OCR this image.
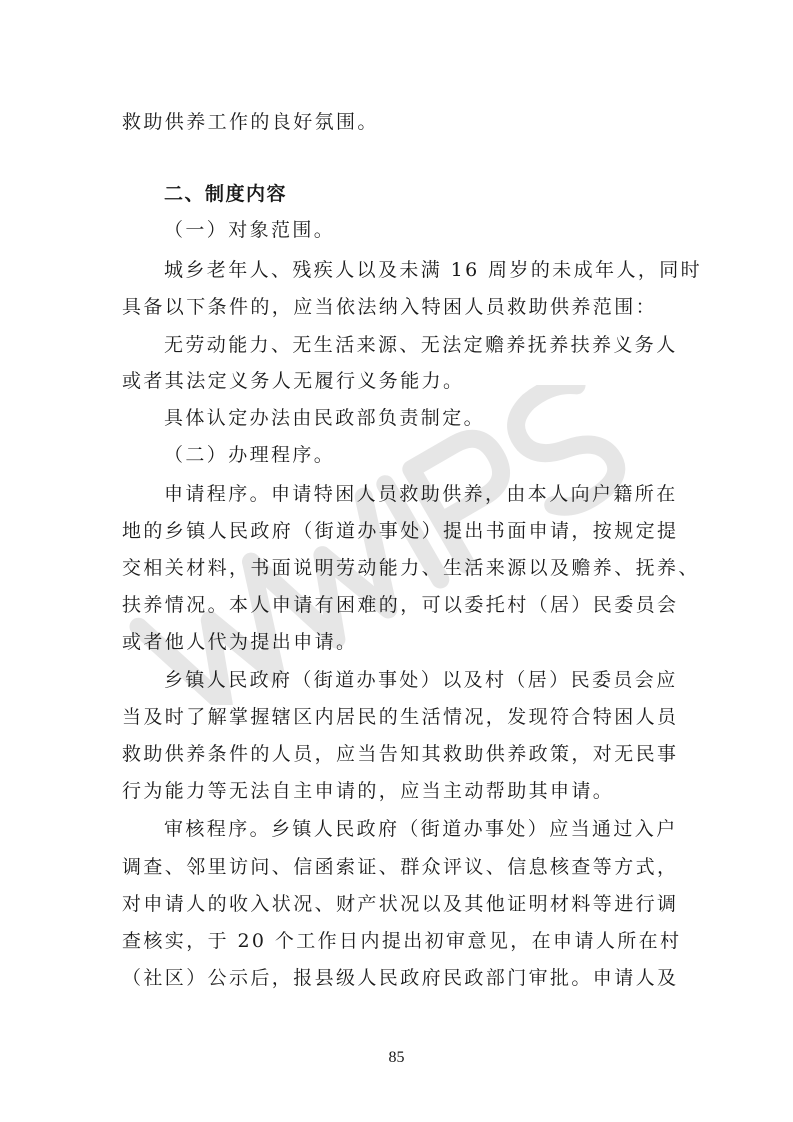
救助供养工作的良好氛围。
二、制度内容
（一）对象范围。
城乡老年人、残疾人以及未满 16 周岁的未成年人，同时
具备以下条件的，应当依法纳入特困人员救助供养范围：
无劳动能力、无生活来源、无法定赡养抚养扶养义务人
或者其法定义务人无履行义务能力。
具体认定办法由民政部负责制定。
（二）办理程序。
申请程序。申请特困人员救助供养，由本人向户籍所在
地的乡镇人民政府（街道办事处）提出书面申请，按规定提
交相关材料，书面说明劳动能力、生活来源以及赡养、抚养、
扶养情况。本人申请有困难的，可以委托村（居）民委员会
或者他人代为提出申请。
乡镇人民政府（街道办事处）以及村（居）民委员会应
当及时了解掌握辖区内居民的生活情况，发现符合特困人员
救助供养条件的人员，应当告知其救助供养政策，对无民事
行为能力等无法自主申请的，应当主动帮助其申请。
审核程序。乡镇人民政府（街道办事处）应当通过入户
调查、邻里访问、信函索证、群众评议、信息核查等方式，
对申请人的收入状况、财产状况以及其他证明材料等进行调
查核实，于 20 个工作日内提出初审意见，在申请人所在村
（社区）公示后，报县级人民政府民政部门审批。申请人及
85
